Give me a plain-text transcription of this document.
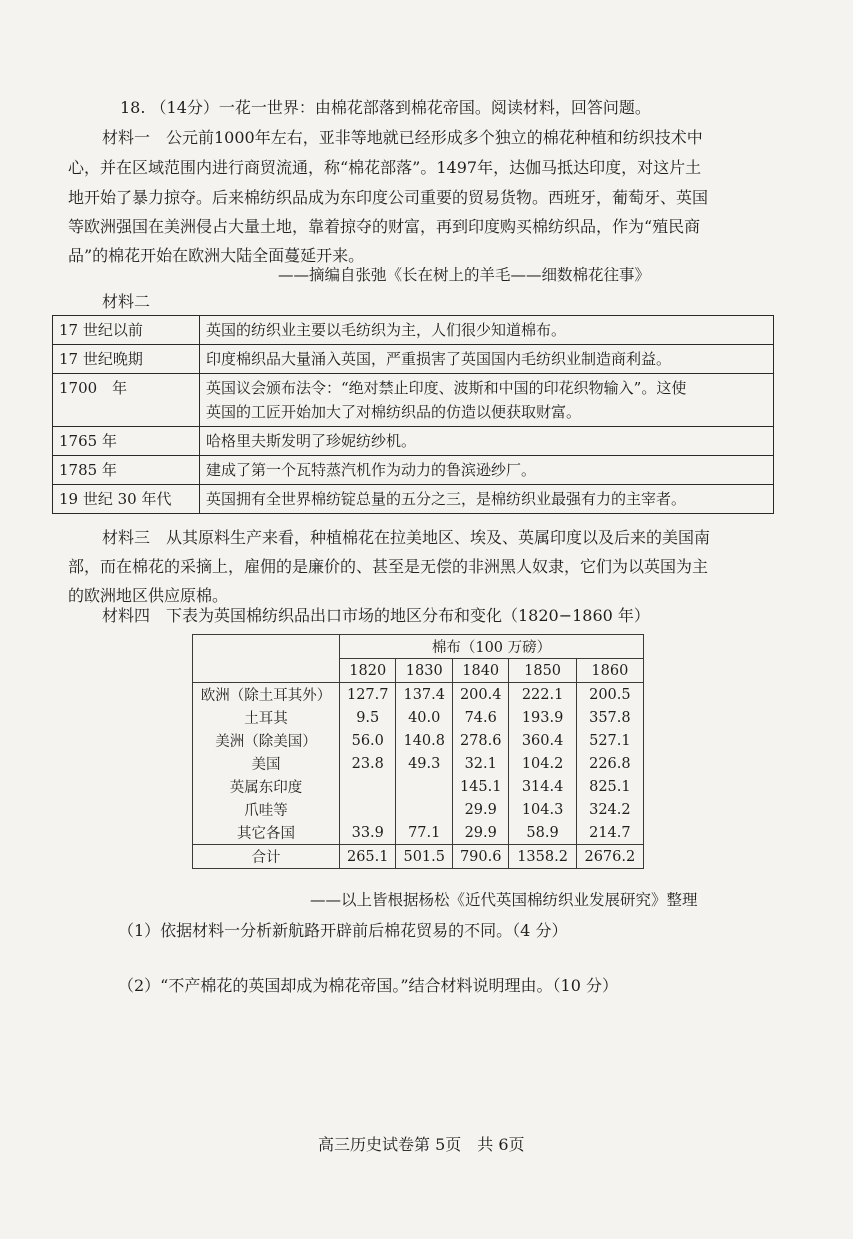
18. （14分）一花一世界：由棉花部落到棉花帝国。阅读材料，回答问题。
材料一　公元前1000年左右，亚非等地就已经形成多个独立的棉花种植和纺织技术中
心，并在区域范围内进行商贸流通，称“棉花部落”。1497年，达伽马抵达印度，对这片土
地开始了暴力掠夺。后来棉纺织品成为东印度公司重要的贸易货物。西班牙，葡萄牙、英国
等欧洲强国在美洲侵占大量土地，靠着掠夺的财富，再到印度购买棉纺织品，作为“殖民商
品”的棉花开始在欧洲大陆全面蔓延开来。
——摘编自张弛《长在树上的羊毛——细数棉花往事》
材料二
17 世纪以前	英国的纺织业主要以毛纺织为主，人们很少知道棉布。
17 世纪晚期	印度棉织品大量涌入英国，严重损害了英国国内毛纺织业制造商利益。
1700　年	英国议会颁布法令：“绝对禁止印度、波斯和中国的印花织物输入”。这使
英国的工匠开始加大了对棉纺织品的仿造以便获取财富。

1765 年	哈格里夫斯发明了珍妮纺纱机。
1785 年	建成了第一个瓦特蒸汽机作为动力的鲁滨逊纱厂。
19 世纪 30 年代	英国拥有全世界棉纺锭总量的五分之三，是棉纺织业最强有力的主宰者。
材料三　从其原料生产来看，种植棉花在拉美地区、埃及、英属印度以及后来的美国南
部，而在棉花的采摘上，雇佣的是廉价的、甚至是无偿的非洲黑人奴隶，它们为以英国为主
的欧洲地区供应原棉。
材料四　下表为英国棉纺织品出口市场的地区分布和变化（1820−1860 年）
	棉布（100 万磅）				
	1820	1830	1840	1850	1860
欧洲（除土耳其外）	127.7	137.4	200.4	222.1	200.5
土耳其	9.5	40.0	74.6	193.9	357.8
美洲（除美国）	56.0	140.8	278.6	360.4	527.1
美国	23.8	49.3	32.1	104.2	226.8
英属东印度			145.1	314.4	825.1
爪哇等			29.9	104.3	324.2
其它各国	33.9	77.1	29.9	58.9	214.7
合计	265.1	501.5	790.6	1358.2	2676.2
——以上皆根据杨松《近代英国棉纺织业发展研究》整理
（1）依据材料一分析新航路开辟前后棉花贸易的不同。（4 分）
（2）“不产棉花的英国却成为棉花帝国。”结合材料说明理由。（10 分）
高三历史试卷第 5页　共 6页
